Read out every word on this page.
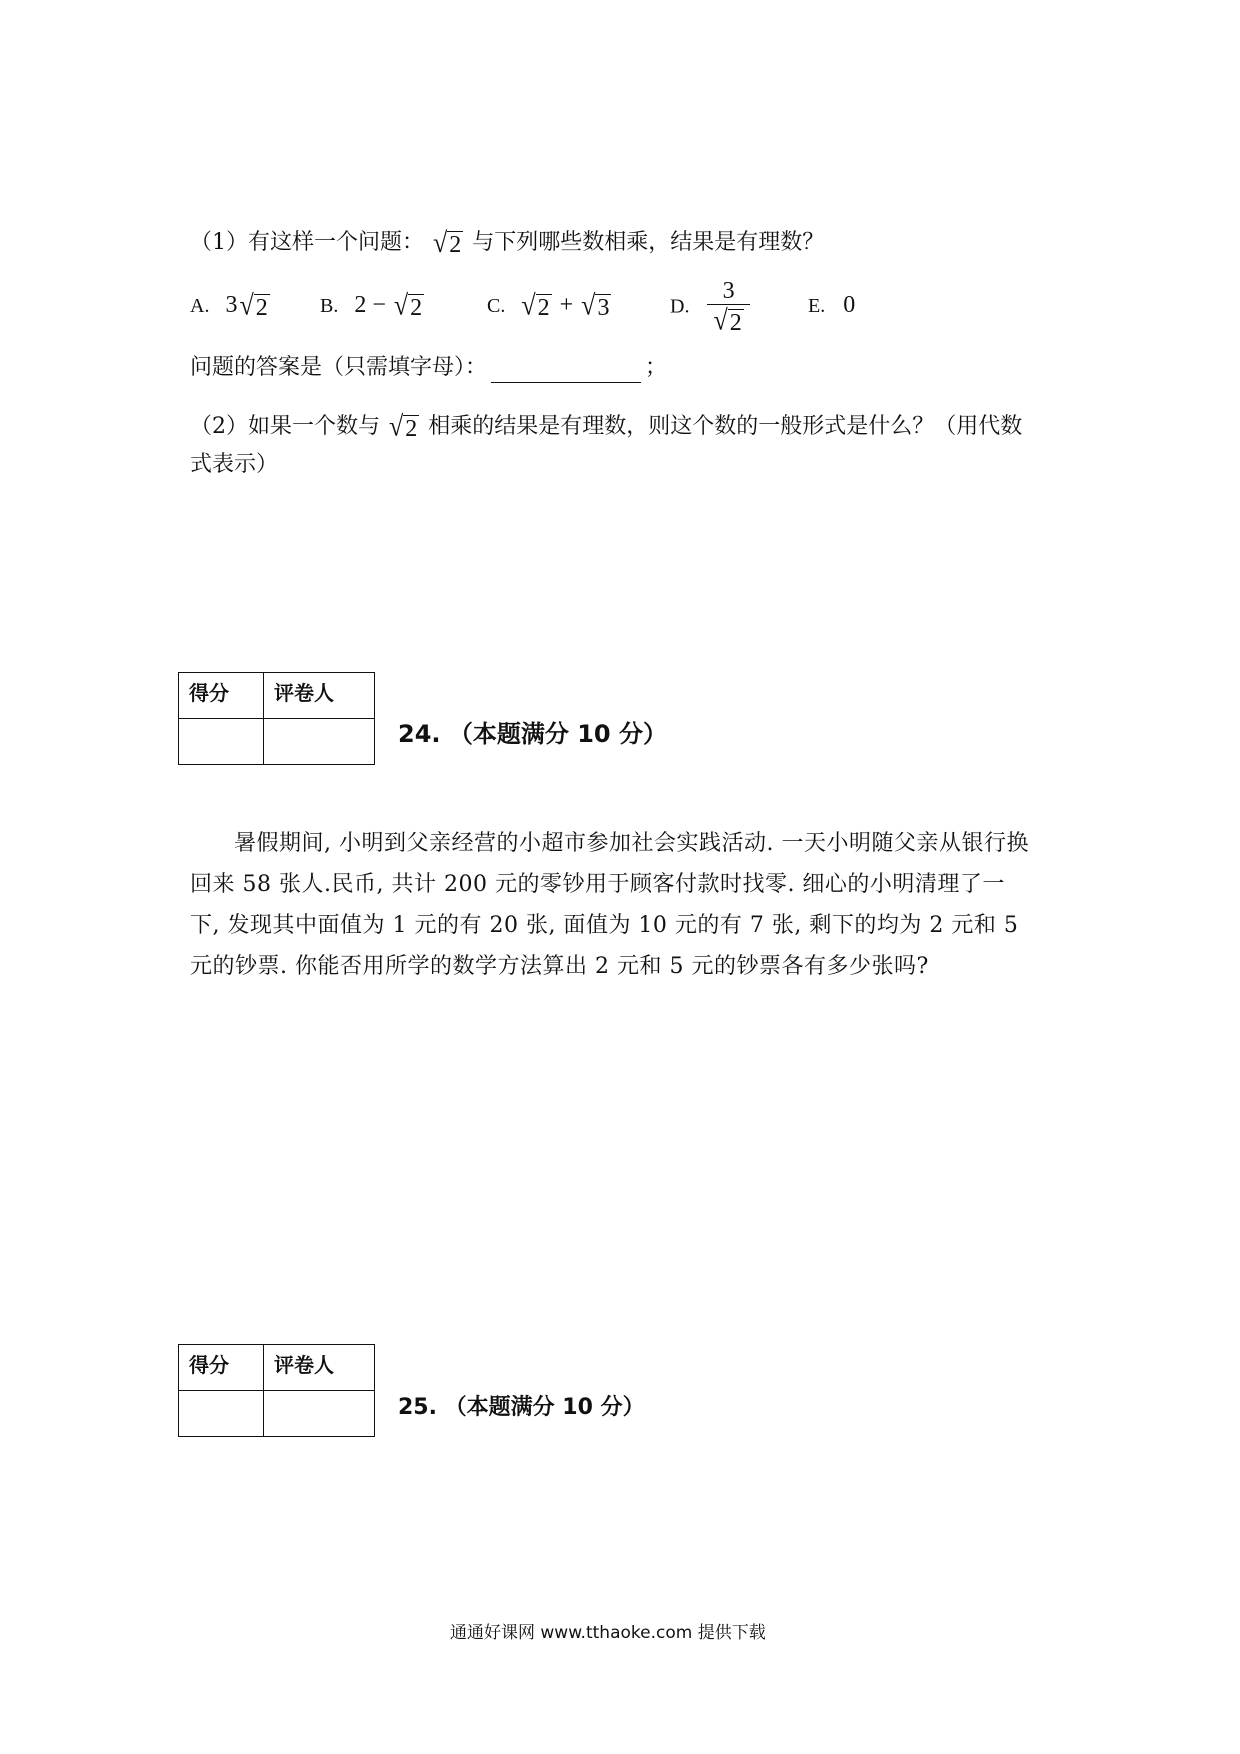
（1）有这样一个问题： √ 2 与下列哪些数相乘，结果是有理数？
A. 3 √ 2	B. 2 − √ 2	C. √ 2 + √ 3	D. $\frac{3}{√ 2}$	E. 0
问题的答案是（只需填字母）：	；
（2）如果一个数与 √ 2 相乘的结果是有理数，则这个数的一般形式是什么？（用代数
式表示）
得分	评卷人

24. （本题满分 10 分）
暑假期间, 小明到父亲经营的小超市参加社会实践活动. 一天小明随父亲从银行换回来 58 张人.民币, 共计 200 元的零钞用于顾客付款时找零. 细心的小明清理了一下, 发现其中面值为 1 元的有 20 张, 面值为 10 元的有 7 张, 剩下的均为 2 元和 5 元的钞票. 你能否用所学的数学方法算出 2 元和 5 元的钞票各有多少张吗?
得分	评卷人

25. （本题满分 10 分）
通通好课网 www.tthaoke.com 提供下载
